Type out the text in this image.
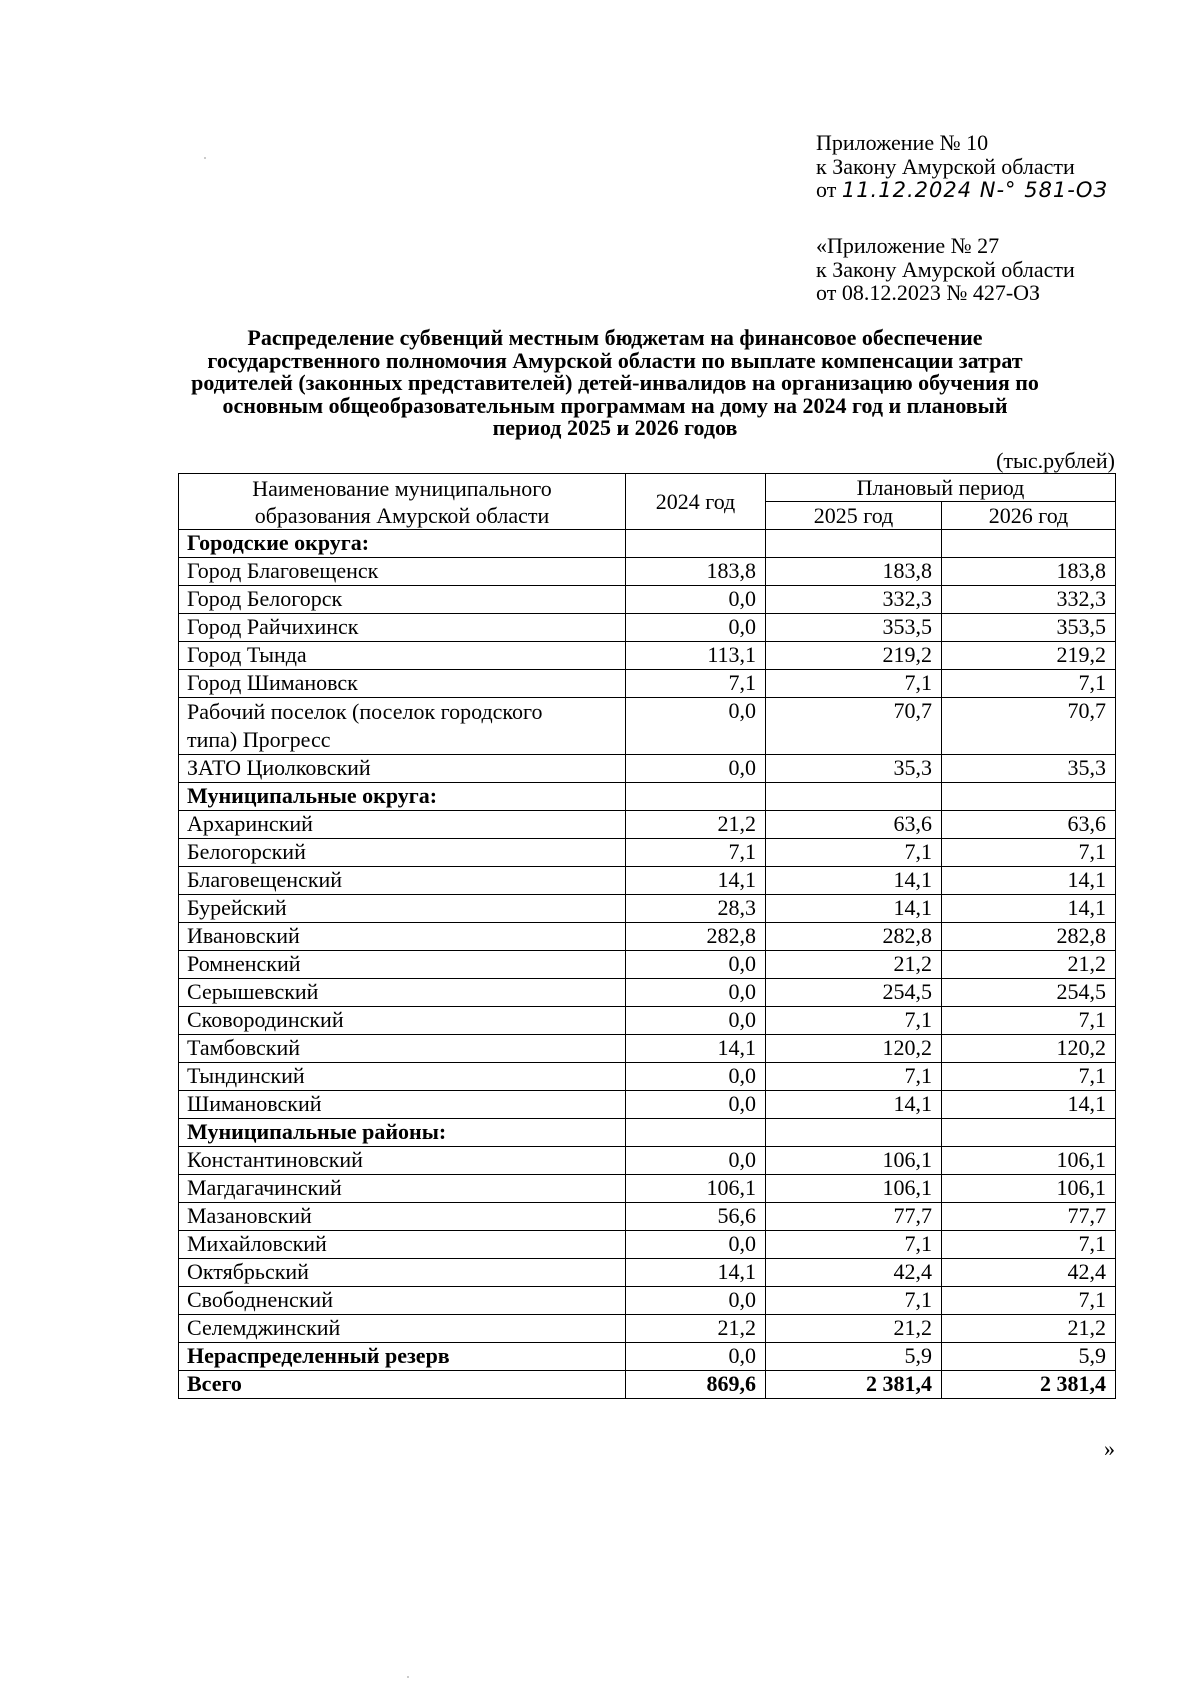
Приложение № 10
к Закону Амурской области
от 11.12.2024 N-° 581-ОЗ
«Приложение № 27
к Закону Амурской области
от 08.12.2023 № 427-ОЗ
Распределение субвенций местным бюджетам на финансовое обеспечение
государственного полномочия Амурской области по выплате компенсации затрат
родителей (законных представителей) детей-инвалидов на организацию обучения по
основным общеобразовательным программам на дому на 2024 год и плановый
период 2025 и 2026 годов
(тыс.рублей)
Наименование муниципального
образования Амурской области	2024 год	Плановый период	
		2025 год	2026 год
Городские округа:			
Город Благовещенск	183,8	183,8	183,8
Город Белогорск	0,0	332,3	332,3
Город Райчихинск	0,0	353,5	353,5
Город Тында	113,1	219,2	219,2
Город Шимановск	7,1	7,1	7,1

Рабочий поселок (поселок городского
типа) Прогресс	0,0	70,7	70,7
ЗАТО Циолковский	0,0	35,3	35,3
Муниципальные округа:			
Архаринский	21,2	63,6	63,6
Белогорский	7,1	7,1	7,1
Благовещенский	14,1	14,1	14,1
Бурейский	28,3	14,1	14,1
Ивановский	282,8	282,8	282,8
Ромненский	0,0	21,2	21,2
Серышевский	0,0	254,5	254,5
Сковородинский	0,0	7,1	7,1
Тамбовский	14,1	120,2	120,2
Тындинский	0,0	7,1	7,1
Шимановский	0,0	14,1	14,1
Муниципальные районы:			
Константиновский	0,0	106,1	106,1
Магдагачинский	106,1	106,1	106,1
Мазановский	56,6	77,7	77,7
Михайловский	0,0	7,1	7,1
Октябрьский	14,1	42,4	42,4
Свободненский	0,0	7,1	7,1
Селемджинский	21,2	21,2	21,2
Нераспределенный резерв	0,0	5,9	5,9
Всего	869,6	2 381,4	2 381,4
»
